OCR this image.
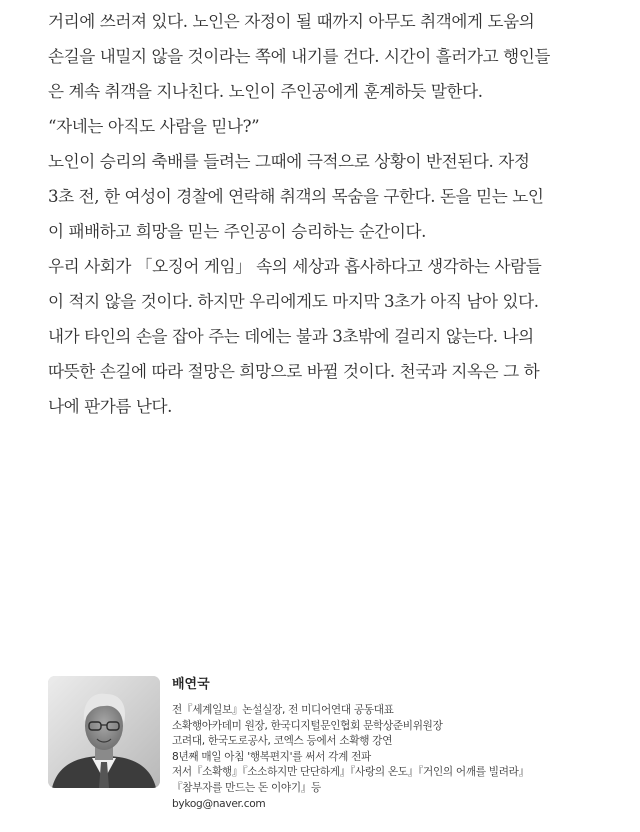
거리에 쓰러져 있다. 노인은 자정이 될 때까지 아무도 취객에게 도움의
손길을 내밀지 않을 것이라는 쪽에 내기를 건다. 시간이 흘러가고 행인들
은 계속 취객을 지나친다. 노인이 주인공에게 훈계하듯 말한다.
“자네는 아직도 사람을 믿나?”
노인이 승리의 축배를 들려는 그때에 극적으로 상황이 반전된다. 자정
3초 전, 한 여성이 경찰에 연락해 취객의 목숨을 구한다. 돈을 믿는 노인
이 패배하고 희망을 믿는 주인공이 승리하는 순간이다.
우리 사회가 「오징어 게임」 속의 세상과 흡사하다고 생각하는 사람들
이 적지 않을 것이다. 하지만 우리에게도 마지막 3초가 아직 남아 있다.
내가 타인의 손을 잡아 주는 데에는 불과 3초밖에 걸리지 않는다. 나의
따뜻한 손길에 따라 절망은 희망으로 바뀔 것이다. 천국과 지옥은 그 하
나에 판가름 난다.
배연국
전『세계일보』논설실장, 전 미디어연대 공동대표
소확행아카데미 원장, 한국디지털문인협회 문학상준비위원장
고려대, 한국도로공사, 코엑스 등에서 소확행 강연
8년째 매일 아침 '행복편지'를 써서 각계 전파
저서『소확행』『소소하지만 단단하게』『사랑의 온도』『거인의 어깨를 빌려라』
『참부자를 만드는 돈 이야기』등
bykog@naver.com
